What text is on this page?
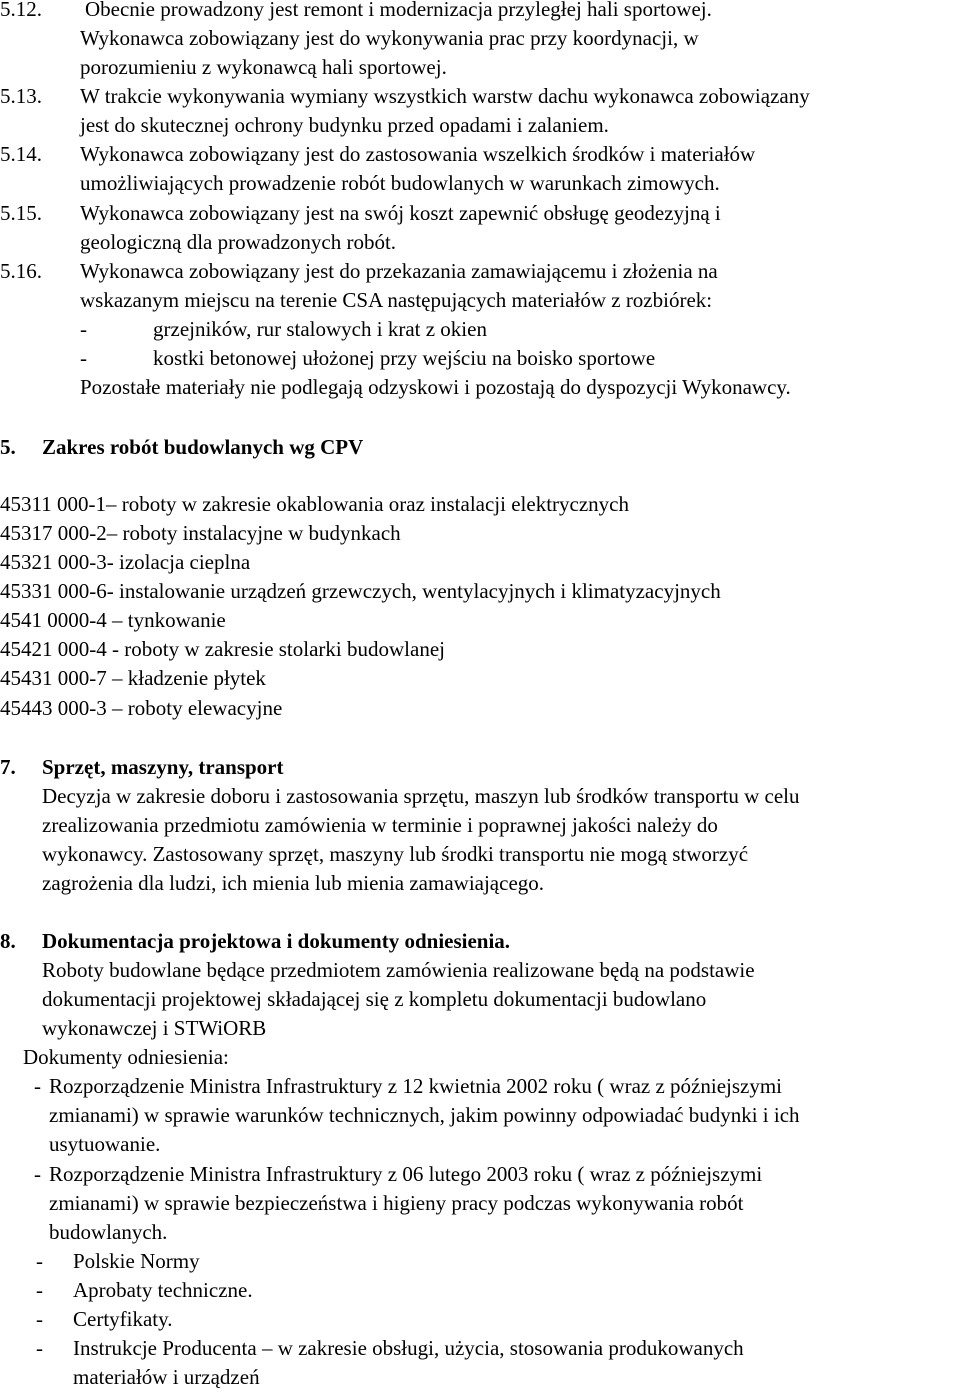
5.12. Obecnie prowadzony jest remont i modernizacja przyległej hali sportowej.
Wykonawca zobowiązany jest do wykonywania prac przy koordynacji, w
porozumieniu z wykonawcą hali sportowej.
5.13. W trakcie wykonywania wymiany wszystkich warstw dachu wykonawca zobowiązany
jest do skutecznej ochrony budynku przed opadami i zalaniem.
5.14. Wykonawca zobowiązany jest do zastosowania wszelkich środków i materiałów
umożliwiających prowadzenie robót budowlanych w warunkach zimowych.
5.15. Wykonawca zobowiązany jest na swój koszt zapewnić obsługę geodezyjną i
geologiczną dla prowadzonych robót.
5.16. Wykonawca zobowiązany jest do przekazania zamawiającemu i złożenia na
wskazanym miejscu na terenie CSA następujących materiałów z rozbiórek:
-	grzejników, rur stalowych i krat z okien
-	kostki betonowej ułożonej przy wejściu na boisko sportowe
Pozostałe materiały nie podlegają odzyskowi i pozostają do dyspozycji Wykonawcy.
5. Zakres robót budowlanych wg CPV
45311 000-1– roboty w zakresie okablowania oraz instalacji elektrycznych
45317 000-2– roboty instalacyjne w budynkach
45321 000-3- izolacja cieplna
45331 000-6- instalowanie urządzeń grzewczych, wentylacyjnych i klimatyzacyjnych
4541 0000-4 – tynkowanie
45421 000-4 - roboty w zakresie stolarki budowlanej
45431 000-7 – kładzenie płytek
45443 000-3 – roboty elewacyjne
7. Sprzęt, maszyny, transport
Decyzja w zakresie doboru i zastosowania sprzętu, maszyn lub środków transportu w celu
zrealizowania przedmiotu zamówienia w terminie i poprawnej jakości należy do
wykonawcy. Zastosowany sprzęt, maszyny lub środki transportu nie mogą stworzyć
zagrożenia dla ludzi, ich mienia lub mienia zamawiającego.
8. Dokumentacja projektowa i dokumenty odniesienia.
Roboty budowlane będące przedmiotem zamówienia realizowane będą na podstawie
dokumentacji projektowej składającej się z kompletu dokumentacji budowlano
wykonawczej i STWiORB
Dokumenty odniesienia:
- Rozporządzenie Ministra Infrastruktury z 12 kwietnia 2002 roku ( wraz z późniejszymi
zmianami) w sprawie warunków technicznych, jakim powinny odpowiadać budynki i ich
usytuowanie.
- Rozporządzenie Ministra Infrastruktury z 06 lutego 2003 roku ( wraz z późniejszymi
zmianami) w sprawie bezpieczeństwa i higieny pracy podczas wykonywania robót
budowlanych.
- Polskie Normy
- Aprobaty techniczne.
- Certyfikaty.
- Instrukcje Producenta – w zakresie obsługi, użycia, stosowania produkowanych
materiałów i urządzeń
